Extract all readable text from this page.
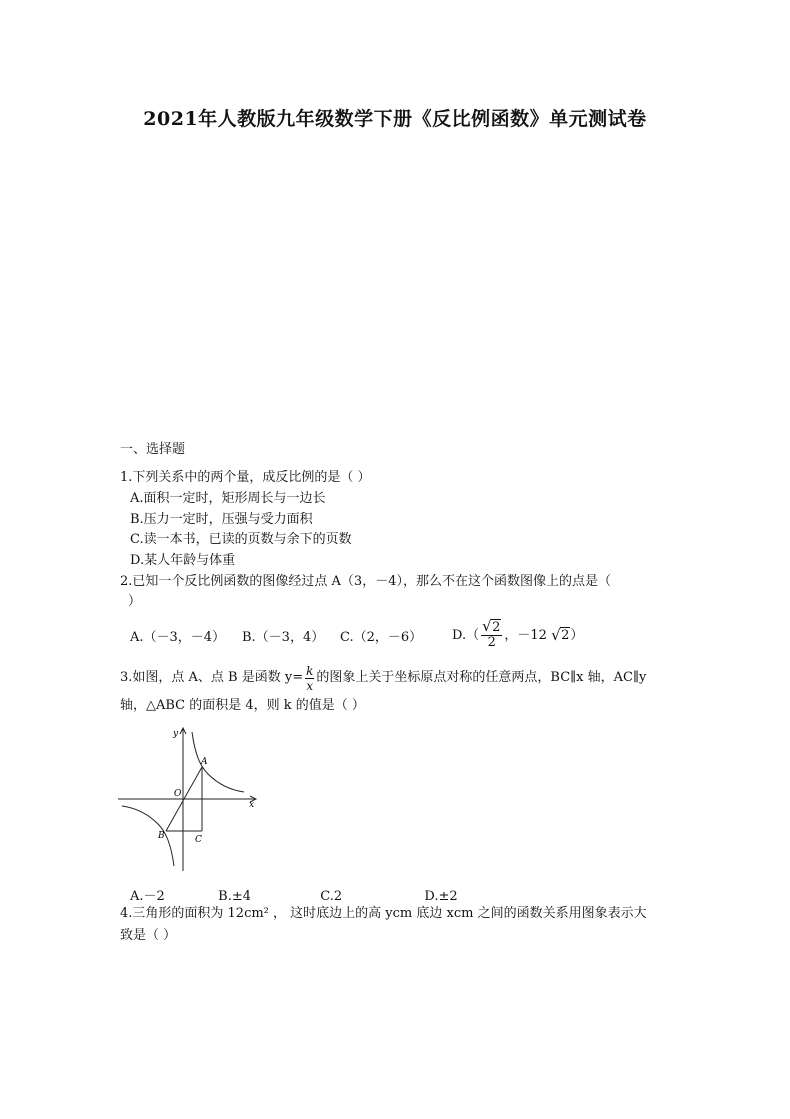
2021年人教版九年级数学下册《反比例函数》单元测试卷
一、选择题
1.下列关系中的两个量，成反比例的是（ ）
A.面积一定时，矩形周长与一边长
B.压力一定时，压强与受力面积
C.读一本书，已读的页数与余下的页数
D.某人年龄与体重
2.已知一个反比例函数的图像经过点 A（3，－4），那么不在这个函数图像上的点是（
）
A.（－3，－4）	B.（－3，4）	C.（2，－6）	D.（ √ $\frac{2}{2}$ ，－12 √ 2）
3.如图，点 A、点 B 是函数 $y= \frac{k}{x}$ 的图象上关于坐标原点对称的任意两点，BC∥x 轴，AC∥y
轴，△ABC 的面积是 4，则 k 的值是（ ）
y
x
O
A
B	C
A.－2	B.±4	C.2	D.±2
4.三角形的面积为 12cm² ， 这时底边上的高 ycm 底边 xcm 之间的函数关系用图象表示大
致是（ ）
